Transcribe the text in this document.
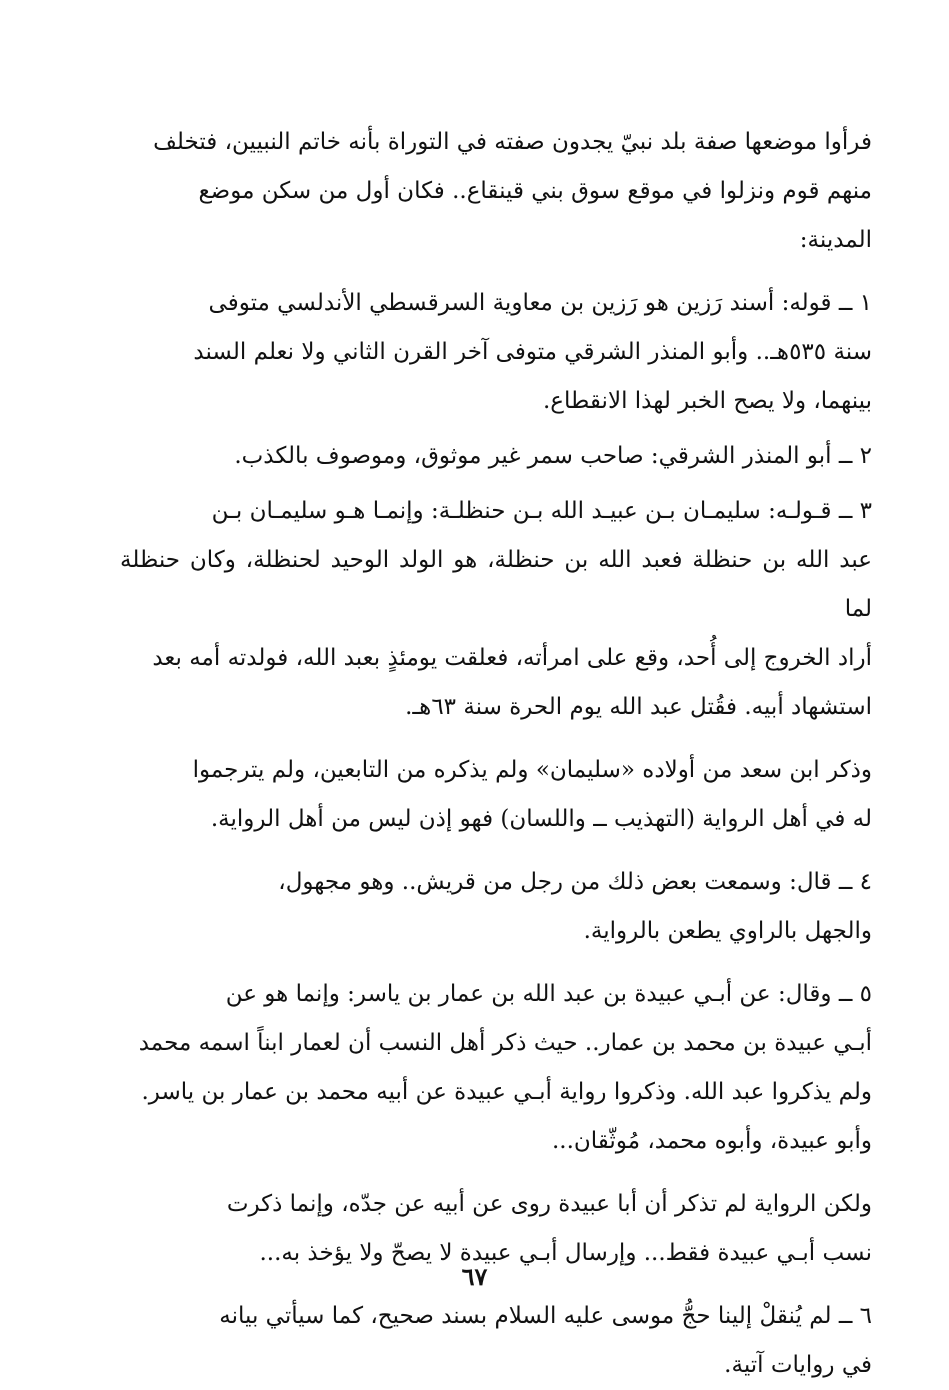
فرأوا موضعها صفة بلد نبيّ يجدون صفته في التوراة بأنه خاتم النبيين، فتخلف

منهم قوم ونزلوا في موقع سوق بني قينقاع.. فكان أول من سكن موضع

المدينة:

١ ــ قوله: أسند رَزين هو رَزين بن معاوية السرقسطي الأندلسي متوفى

سنة ٥٣٥هـ.. وأبو المنذر الشرقي متوفى آخر القرن الثاني ولا نعلم السند

بينهما، ولا يصح الخبر لهذا الانقطاع.

٢ ــ أبو المنذر الشرقي: صاحب سمر غير موثوق، وموصوف بالكذب.

٣ ــ قـولـه: سليمـان بـن عبيـد الله بـن حنظلـة: وإنمـا هـو سليمـان بـن

عبد الله بن حنظلة فعبد الله بن حنظلة، هو الولد الوحيد لحنظلة، وكان حنظلة لما

أراد الخروج إلى أُحد، وقع على امرأته، فعلقت يومئذٍ بعبد الله، فولدته أمه بعد

استشهاد أبيه. فقُتل عبد الله يوم الحرة سنة ٦٣هـ.

وذكر ابن سعد من أولاده «سليمان» ولم يذكره من التابعين، ولم يترجموا

له في أهل الرواية (التهذيب ــ واللسان) فهو إذن ليس من أهل الرواية.

٤ ــ قال: وسمعت بعض ذلك من رجل من قريش.. وهو مجهول،

والجهل بالراوي يطعن بالرواية.

٥ ــ وقال: عن أبـي عبيدة بن عبد الله بن عمار بن ياسر: وإنما هو عن

أبـي عبيدة بن محمد بن عمار.. حيث ذكر أهل النسب أن لعمار ابناً اسمه محمد

ولم يذكروا عبد الله. وذكروا رواية أبـي عبيدة عن أبيه محمد بن عمار بن ياسر.

وأبو عبيدة، وأبوه محمد، مُوثّقان...

ولكن الرواية لم تذكر أن أبا عبيدة روى عن أبيه عن جدّه، وإنما ذكرت

نسب أبـي عبيدة فقط... وإرسال أبـي عبيدة لا يصحّ ولا يؤخذ به...

٦ ــ لم يُنقلْ إلينا حجُّ موسى عليه السلام بسند صحيح، كما سيأتي بيانه

في روايات آتية.

٦٧
